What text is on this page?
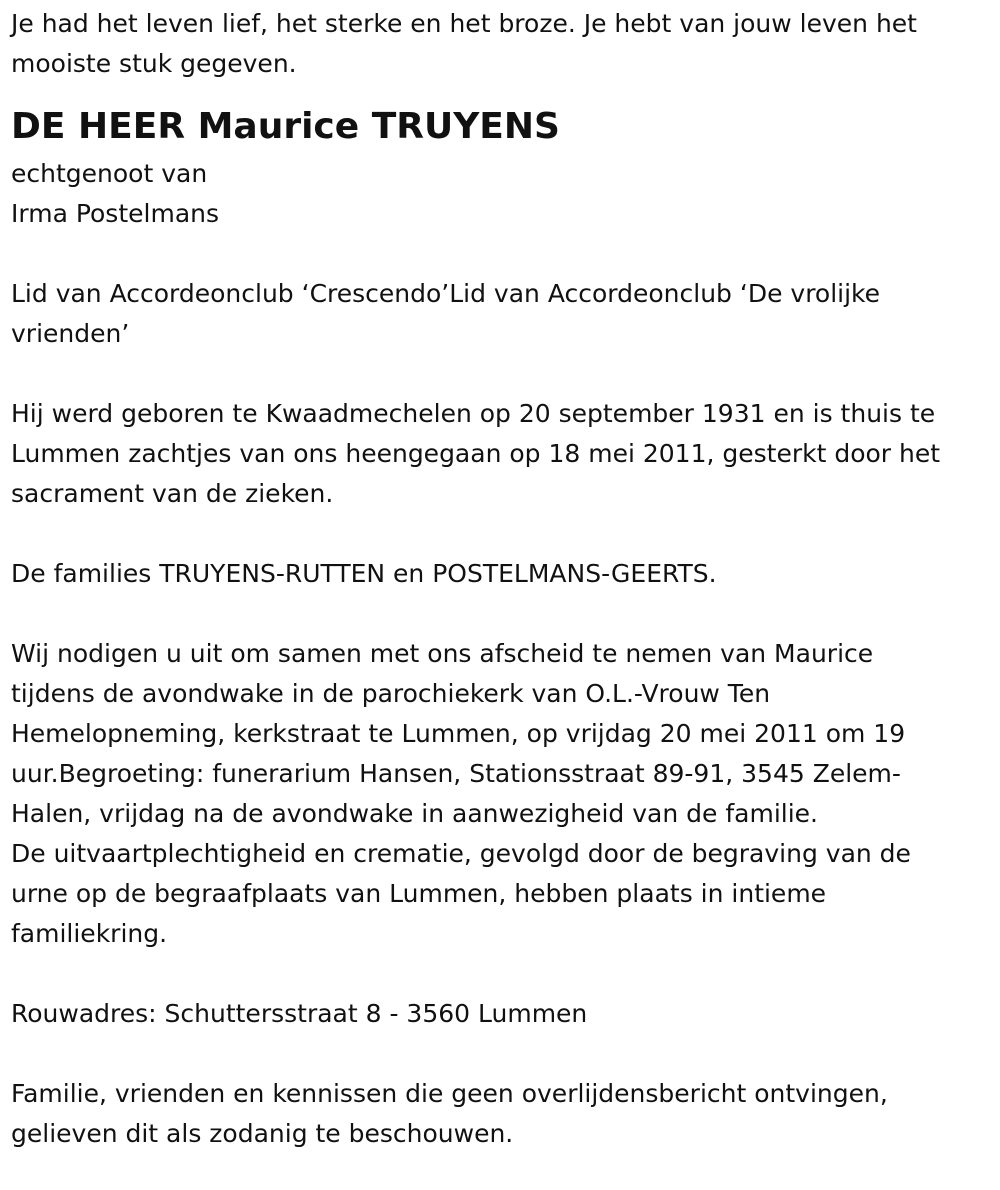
Je had het leven lief, het sterke en het broze. Je hebt van jouw leven het
mooiste stuk gegeven.

DE HEER Maurice TRUYENS

echtgenoot van
Irma Postelmans

Lid van Accordeonclub ‘Crescendo’Lid van Accordeonclub ‘De vrolijke
vrienden’

Hij werd geboren te Kwaadmechelen op 20 september 1931 en is thuis te
Lummen zachtjes van ons heengegaan op 18 mei 2011, gesterkt door het
sacrament van de zieken.

De families TRUYENS-RUTTEN en POSTELMANS-GEERTS.

Wij nodigen u uit om samen met ons afscheid te nemen van Maurice
tijdens de avondwake in de parochiekerk van O.L.-Vrouw Ten
Hemelopneming, kerkstraat te Lummen, op vrijdag 20 mei 2011 om 19
uur.Begroeting: funerarium Hansen, Stationsstraat 89-91, 3545 Zelem-
Halen, vrijdag na de avondwake in aanwezigheid van de familie.
De uitvaartplechtigheid en crematie, gevolgd door de begraving van de
urne op de begraafplaats van Lummen, hebben plaats in intieme
familiekring.

Rouwadres: Schuttersstraat 8 - 3560 Lummen

Familie, vrienden en kennissen die geen overlijdensbericht ontvingen,
gelieven dit als zodanig te beschouwen.
